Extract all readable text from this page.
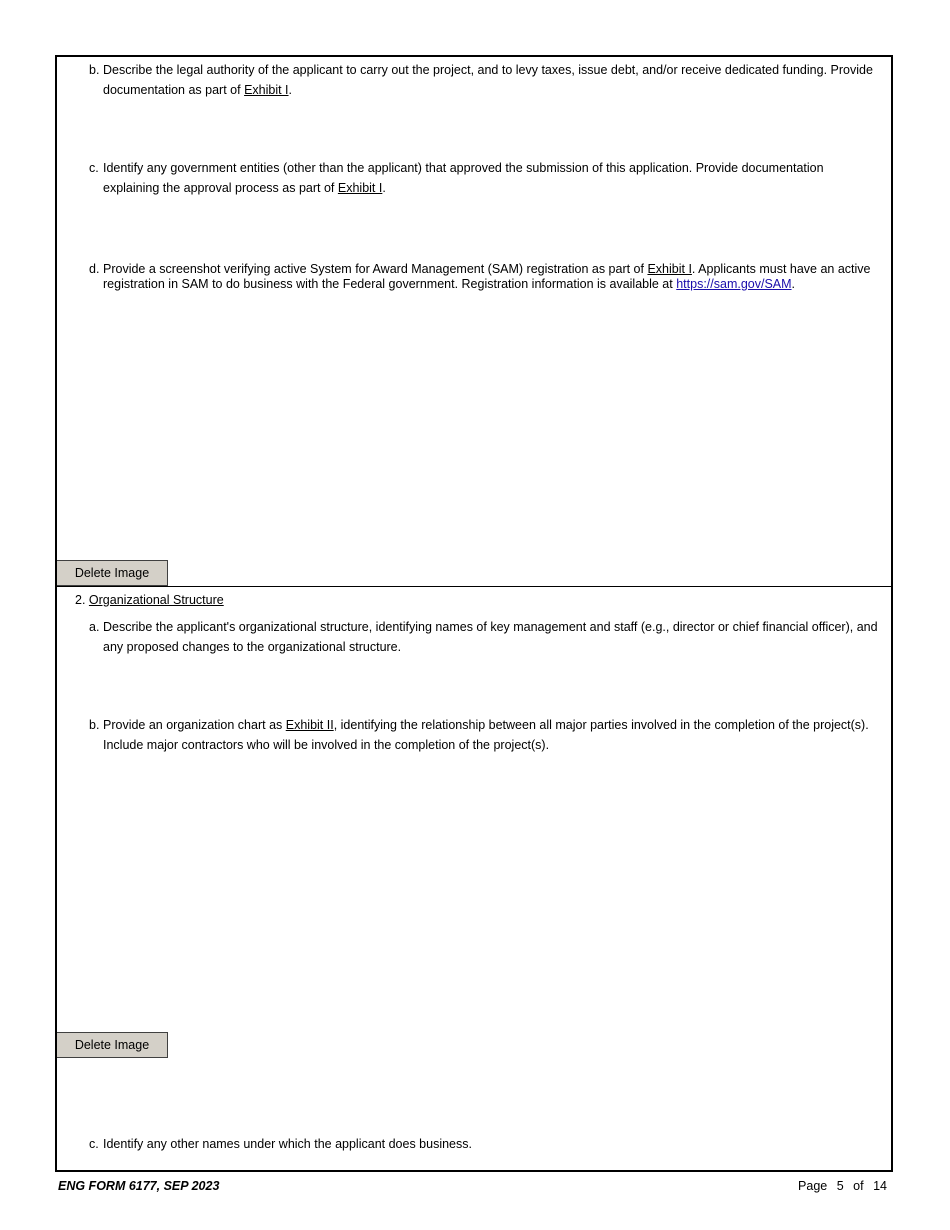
b. Describe the legal authority of the applicant to carry out the project, and to levy taxes, issue debt, and/or receive dedicated funding. Provide documentation as part of Exhibit I.
c. Identify any government entities (other than the applicant) that approved the submission of this application. Provide documentation explaining the approval process as part of Exhibit I.
d. Provide a screenshot verifying active System for Award Management (SAM) registration as part of Exhibit I. Applicants must have an active registration in SAM to do business with the Federal government. Registration information is available at https://sam.gov/SAM.
Delete Image
2. Organizational Structure
a. Describe the applicant's organizational structure, identifying names of key management and staff (e.g., director or chief financial officer), and any proposed changes to the organizational structure.
b. Provide an organization chart as Exhibit II, identifying the relationship between all major parties involved in the completion of the project(s). Include major contractors who will be involved in the completion of the project(s).
Delete Image
c. Identify any other names under which the applicant does business.
ENG FORM 6177, SEP 2023	Page 5 of 14
